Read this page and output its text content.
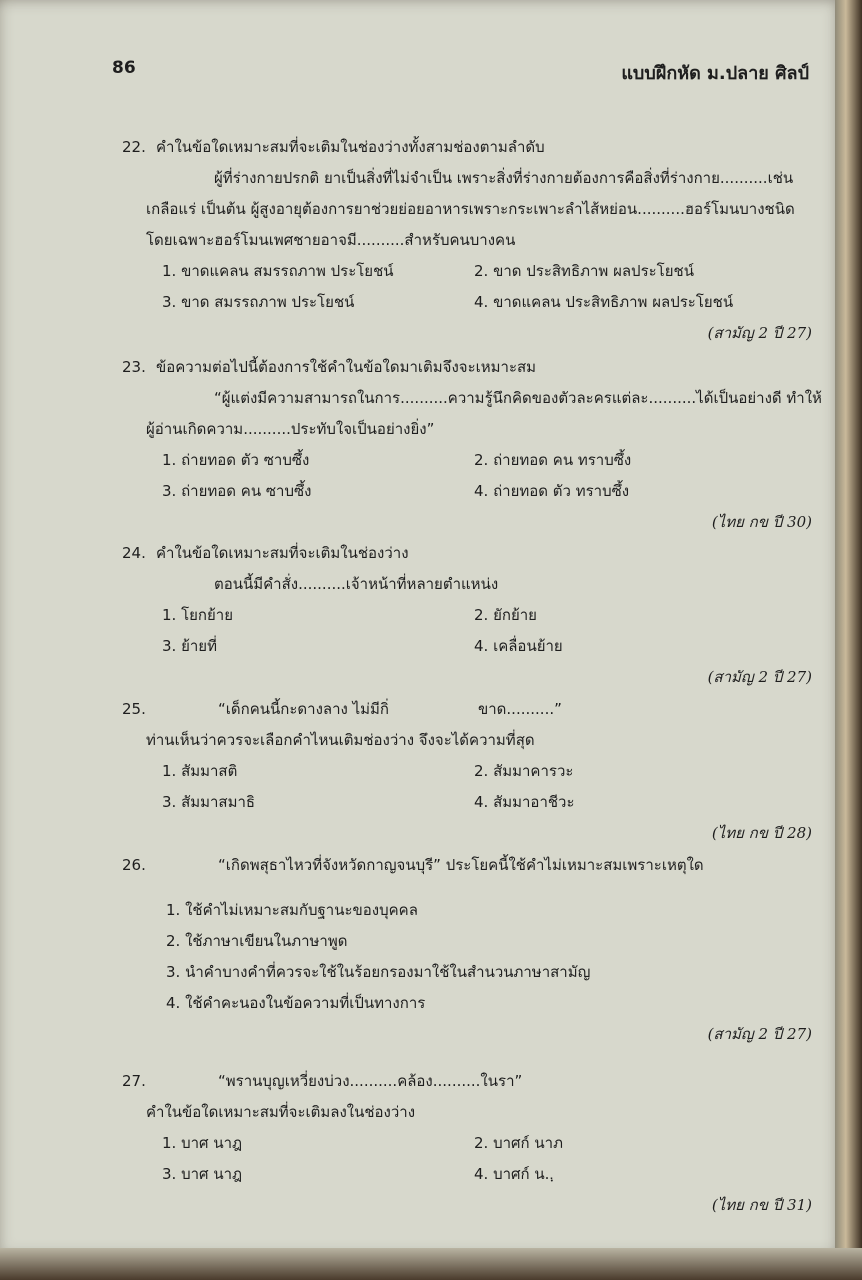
86	แบบฝึกหัด ม.ปลาย ศิลป์
22. คำในข้อใดเหมาะสมที่จะเติมในช่องว่างทั้งสามช่องตามลำดับ
ผู้ที่ร่างกายปรกติ ยาเป็นสิ่งที่ไม่จำเป็น เพราะสิ่งที่ร่างกายต้องการคือสิ่งที่ร่างกาย..........เช่น
เกลือแร่ เป็นต้น ผู้สูงอายุต้องการยาช่วยย่อยอาหารเพราะกระเพาะลำไส้หย่อน..........ฮอร์โมนบางชนิด
โดยเฉพาะฮอร์โมนเพศชายอาจมี..........สำหรับคนบางคน
1. ขาดแคลน สมรรถภาพ ประโยชน์	2. ขาด ประสิทธิภาพ ผลประโยชน์
3. ขาด สมรรถภาพ ประโยชน์	4. ขาดแคลน ประสิทธิภาพ ผลประโยชน์
(สามัญ 2 ปี 27)
23. ข้อความต่อไปนี้ต้องการใช้คำในข้อใดมาเติมจึงจะเหมาะสม
“ผู้แต่งมีความสามารถในการ..........ความรู้นึกคิดของตัวละครแต่ละ..........ได้เป็นอย่างดี ทำให้
ผู้อ่านเกิดความ..........ประทับใจเป็นอย่างยิ่ง”
1. ถ่ายทอด ตัว ซาบซึ้ง	2. ถ่ายทอด คน ทราบซึ้ง
3. ถ่ายทอด คน ซาบซึ้ง	4. ถ่ายทอด ตัว ทราบซึ้ง
(ไทย กข ปี 30)
24. คำในข้อใดเหมาะสมที่จะเติมในช่องว่าง
ตอนนี้มีคำสั่ง..........เจ้าหน้าที่หลายตำแหน่ง
1. โยกย้าย	2. ยักย้าย
3. ย้ายที่	4. เคลื่อนย้าย
(สามัญ 2 ปี 27)
25.	“เด็กคนนี้กะดางลาง ไม่มีกิ่	ขาด..........”
ท่านเห็นว่าควรจะเลือกคำไหนเติมช่องว่าง จึงจะได้ความที่สุด
1. สัมมาสติ	2. สัมมาคารวะ
3. สัมมาสมาธิ	4. สัมมาอาชีวะ
(ไทย กข ปี 28)
26.	“เกิดพสุธาไหวที่จังหวัดกาญจนบุรี” ประโยคนี้ใช้คำไม่เหมาะสมเพราะเหตุใด
1. ใช้คำไม่เหมาะสมกับฐานะของบุคคล
2. ใช้ภาษาเขียนในภาษาพูด
3. นำคำบางคำที่ควรจะใช้ในร้อยกรองมาใช้ในสำนวนภาษาสามัญ
4. ใช้คำคะนองในข้อความที่เป็นทางการ
(สามัญ 2 ปี 27)
27.	“พรานบุญเหวี่ยงบ่วง..........คล้อง..........ในรา”
คำในข้อใดเหมาะสมที่จะเติมลงในช่องว่าง
1. บาศ นาฎ	2. บาศก์ นาภ
3. บาศ นาฎ	4. บาศก์ น..ฺ
(ไทย กข ปี 31)
